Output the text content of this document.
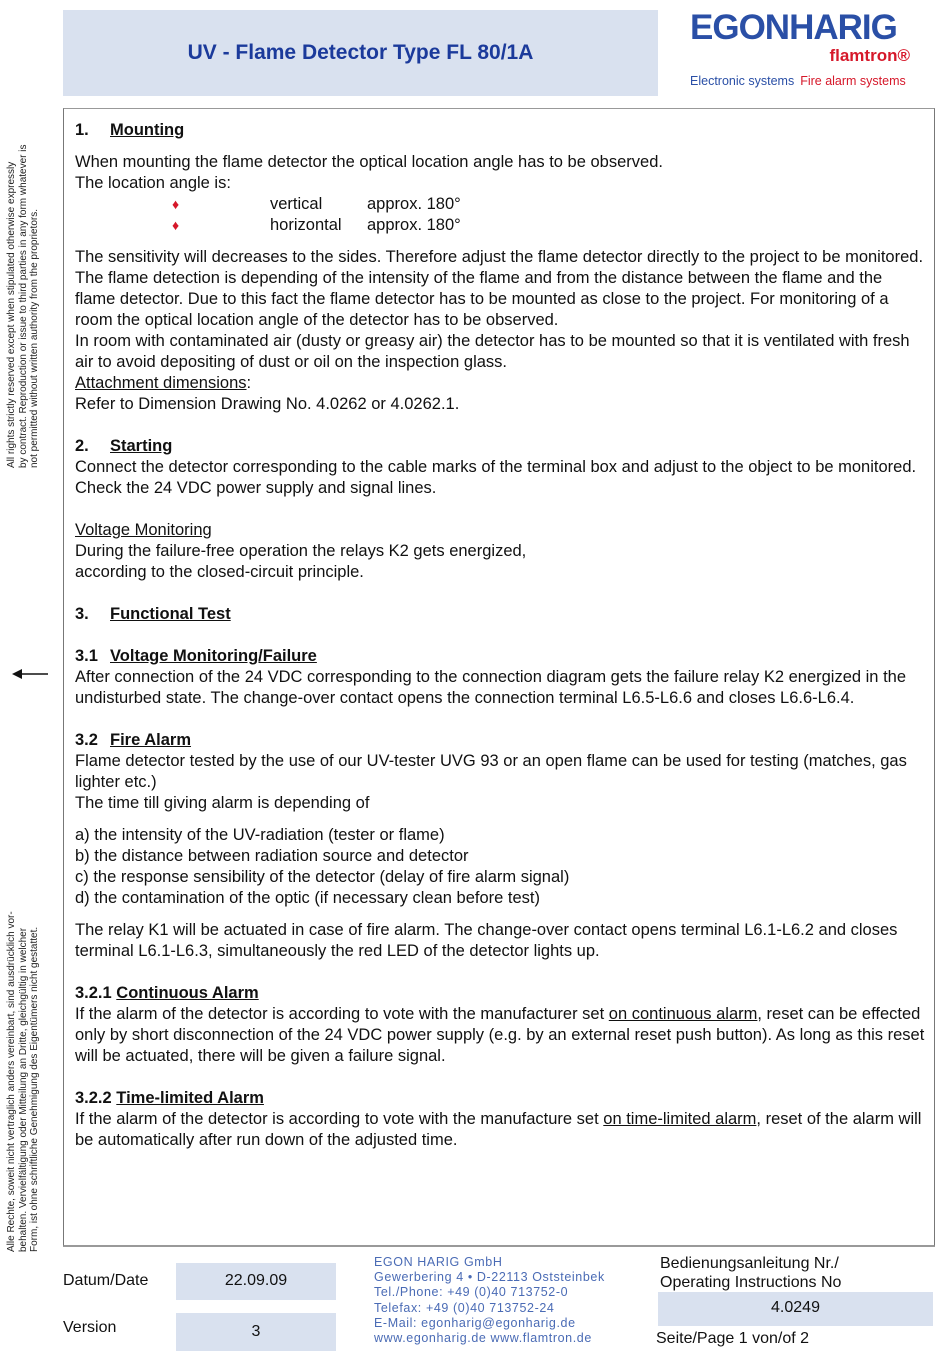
UV - Flame Detector Type FL 80/1A
EGONHARIG
flamtron®
Electronic systems Fire alarm systems
All rights strictly reserved except when stipulated otherwise expressly by contract. Reproduction or issue to third parties in any form whatever is not permitted without written authority from the proprietors.
Alle Rechte, soweit nicht vertraglich anders vereinbart, sind ausdrücklich vor- behalten. Vervielfältigung oder Mitteilung an Dritte, gleichgültig in welcher Form, ist ohne schriftliche Genehmigung des Eigentümers nicht gestattet.
1.	Mounting

When mounting the flame detector the optical location angle has to be observed.

The location angle is:

♦	vertical	approx. 180°
♦	horizontal	approx. 180°

The sensitivity will decreases to the sides. Therefore adjust the flame detector directly to the project to be monitored. The flame detection is depending of the intensity of the flame and from the distance between the flame and the flame detector. Due to this fact the flame detector has to be mounted as close to the project. For monitoring of a room the optical location angle of the detector has to be observed.

In room with contaminated air (dusty or greasy air) the detector has to be mounted so that it is ventilated with fresh air to avoid depositing of dust or oil on the inspection glass.

Attachment dimensions:

Refer to Dimension Drawing No. 4.0262 or 4.0262.1.

2.	Starting

Connect the detector corresponding to the cable marks of the terminal box and adjust to the object to be monitored. Check the 24 VDC power supply and signal lines.

Voltage Monitoring

During the failure-free operation the relays K2 gets energized,

according to the closed-circuit principle.

3.	Functional Test
3.1 Voltage Monitoring/Failure

After connection of the 24 VDC corresponding to the connection diagram gets the failure relay K2 energized in the undisturbed state. The change-over contact opens the connection terminal L6.5-L6.6 and closes L6.6-L6.4.

3.2 Fire Alarm

Flame detector tested by the use of our UV-tester UVG 93 or an open flame can be used for testing (matches, gas lighter etc.)

The time till giving alarm is depending of

a) the intensity of the UV-radiation (tester or flame)

b) the distance between radiation source and detector

c) the response sensibility of the detector (delay of fire alarm signal)

d) the contamination of the optic (if necessary clean before test)

The relay K1 will be actuated in case of fire alarm. The change-over contact opens terminal L6.1-L6.2 and closes terminal L6.1-L6.3, simultaneously the red LED of the detector lights up.

3.2.1
Continuous Alarm

If the alarm of the detector is according to vote with the manufacturer set on continuous alarm, reset can be effected only by short disconnection of the 24 VDC power supply (e.g. by an external reset push button). As long as this reset will be actuated, there will be given a failure signal.

3.2.2
Time-limited Alarm

If the alarm of the detector is according to vote with the manufacture set on time-limited alarm, reset of the alarm will be automatically after run down of the adjusted time.

Datum/Date	22.09.09
Version	3
EGON HARIG GmbH
Gewerbering 4 • D-22113 Oststeinbek
Tel./Phone: +49 (0)40 713752-0
Telefax: +49 (0)40 713752-24
E-Mail: egonharig@egonharig.de
www.egonharig.de www.flamtron.de
Bedienungsanleitung Nr./
Operating Instructions No
4.0249
Seite/Page 1 von/of 2
